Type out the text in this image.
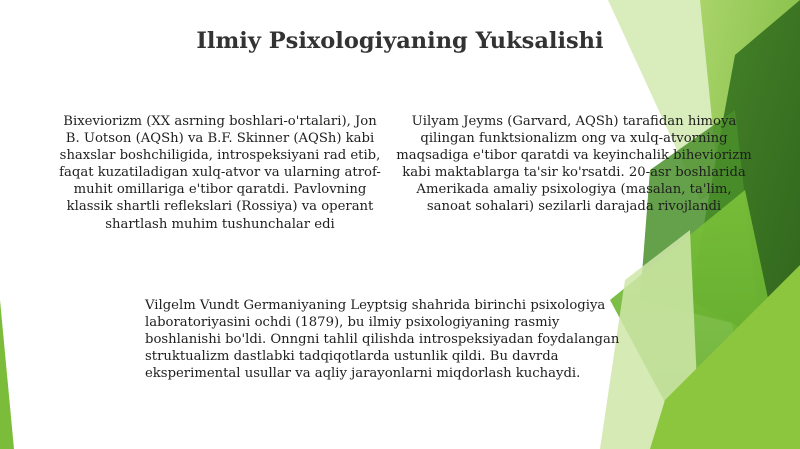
Ilmiy Psixologiyaning Yuksalishi
Bixeviorizm (XX asrning boshlari-o'rtalari), Jon B. Uotson (AQSh) va B.F. Skinner (AQSh) kabi shaxslar boshchiligida, introspeksiyani rad etib, faqat kuzatiladigan xulq-atvor va ularning atrof-muhit omillariga e'tibor qaratdi. Pavlovning klassik shartli reflekslari (Rossiya) va operant shartlash muhim tushunchalar edi
Uilyam Jeyms (Garvard, AQSh) tarafidan himoya qilingan funktsionalizm ong va xulq-atvorning maqsadiga e'tibor qaratdi va keyinchalik biheviorizm kabi maktablarga ta'sir ko'rsatdi. 20-asr boshlarida Amerikada amaliy psixologiya (masalan, ta'lim, sanoat sohalari) sezilarli darajada rivojlandi
Vilgelm Vundt Germaniyaning Leyptsig shahrida birinchi psixologiya laboratoriyasini ochdi (1879), bu ilmiy psixologiyaning rasmiy boshlanishi bo'ldi. Onngni tahlil qilishda introspeksiyadan foydalangan struktualizm dastlabki tadqiqotlarda ustunlik qildi. Bu davrda eksperimental usullar va aqliy jarayonlarni miqdorlash kuchaydi.
